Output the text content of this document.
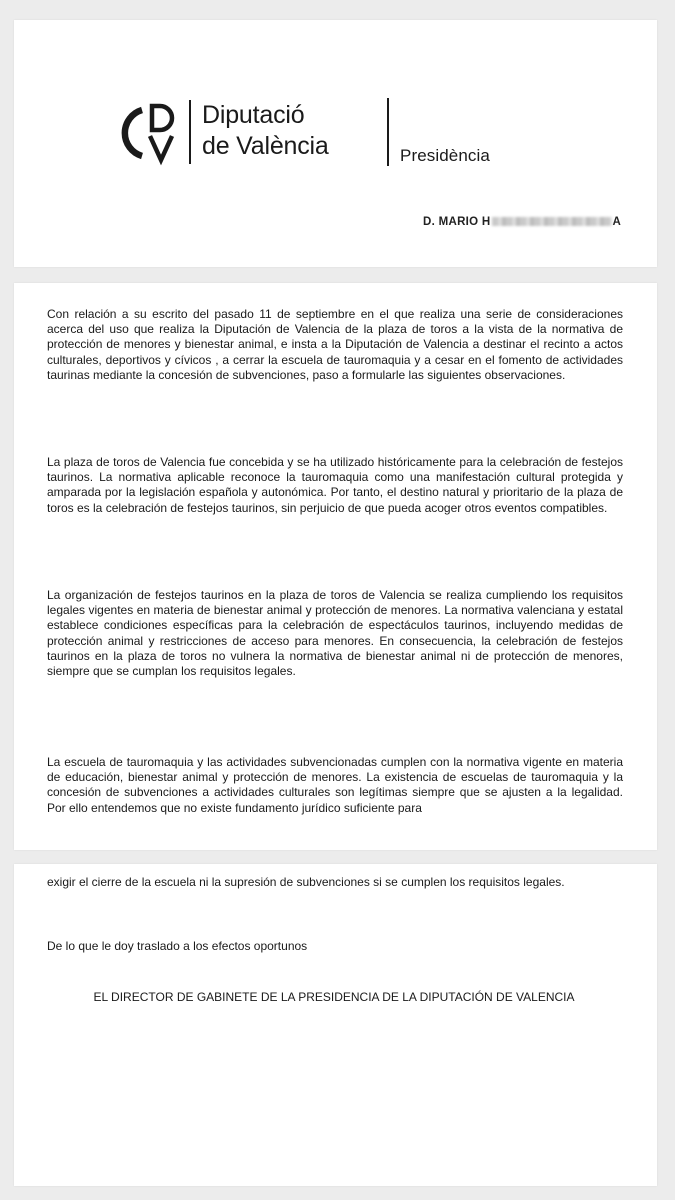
Diputació
de València	Presidència
D. MARIO H	A

Con relación a su escrito del pasado 11 de septiembre en el que realiza una serie de consideraciones acerca del uso que realiza la Diputación de Valencia de la plaza de toros a la vista de la normativa de protección de menores y bienestar animal, e insta a la Diputación de Valencia a destinar el recinto a actos culturales, deportivos y cívicos , a cerrar la escuela de tauromaquia y a cesar en el fomento de actividades taurinas mediante la concesión de subvenciones, paso a formularle las siguientes observaciones.

La plaza de toros de Valencia fue concebida y se ha utilizado históricamente para la celebración de festejos taurinos. La normativa aplicable reconoce la tauromaquia como una manifestación cultural protegida y amparada por la legislación española y autonómica. Por tanto, el destino natural y prioritario de la plaza de toros es la celebración de festejos taurinos, sin perjuicio de que pueda acoger otros eventos compatibles.

La organización de festejos taurinos en la plaza de toros de Valencia se realiza cumpliendo los requisitos legales vigentes en materia de bienestar animal y protección de menores. La normativa valenciana y estatal establece condiciones específicas para la celebración de espectáculos taurinos, incluyendo medidas de protección animal y restricciones de acceso para menores. En consecuencia, la celebración de festejos taurinos en la plaza de toros no vulnera la normativa de bienestar animal ni de protección de menores, siempre que se cumplan los requisitos legales.

La escuela de tauromaquia y las actividades subvencionadas cumplen con la normativa vigente en materia de educación, bienestar animal y protección de menores. La existencia de escuelas de tauromaquia y la concesión de subvenciones a actividades culturales son legítimas siempre que se ajusten a la legalidad. Por ello entendemos que no existe fundamento jurídico suficiente para

exigir el cierre de la escuela ni la supresión de subvenciones si se cumplen los requisitos legales.

De lo que le doy traslado a los efectos oportunos

EL DIRECTOR DE GABINETE DE LA PRESIDENCIA DE LA DIPUTACIÓN DE VALENCIA
